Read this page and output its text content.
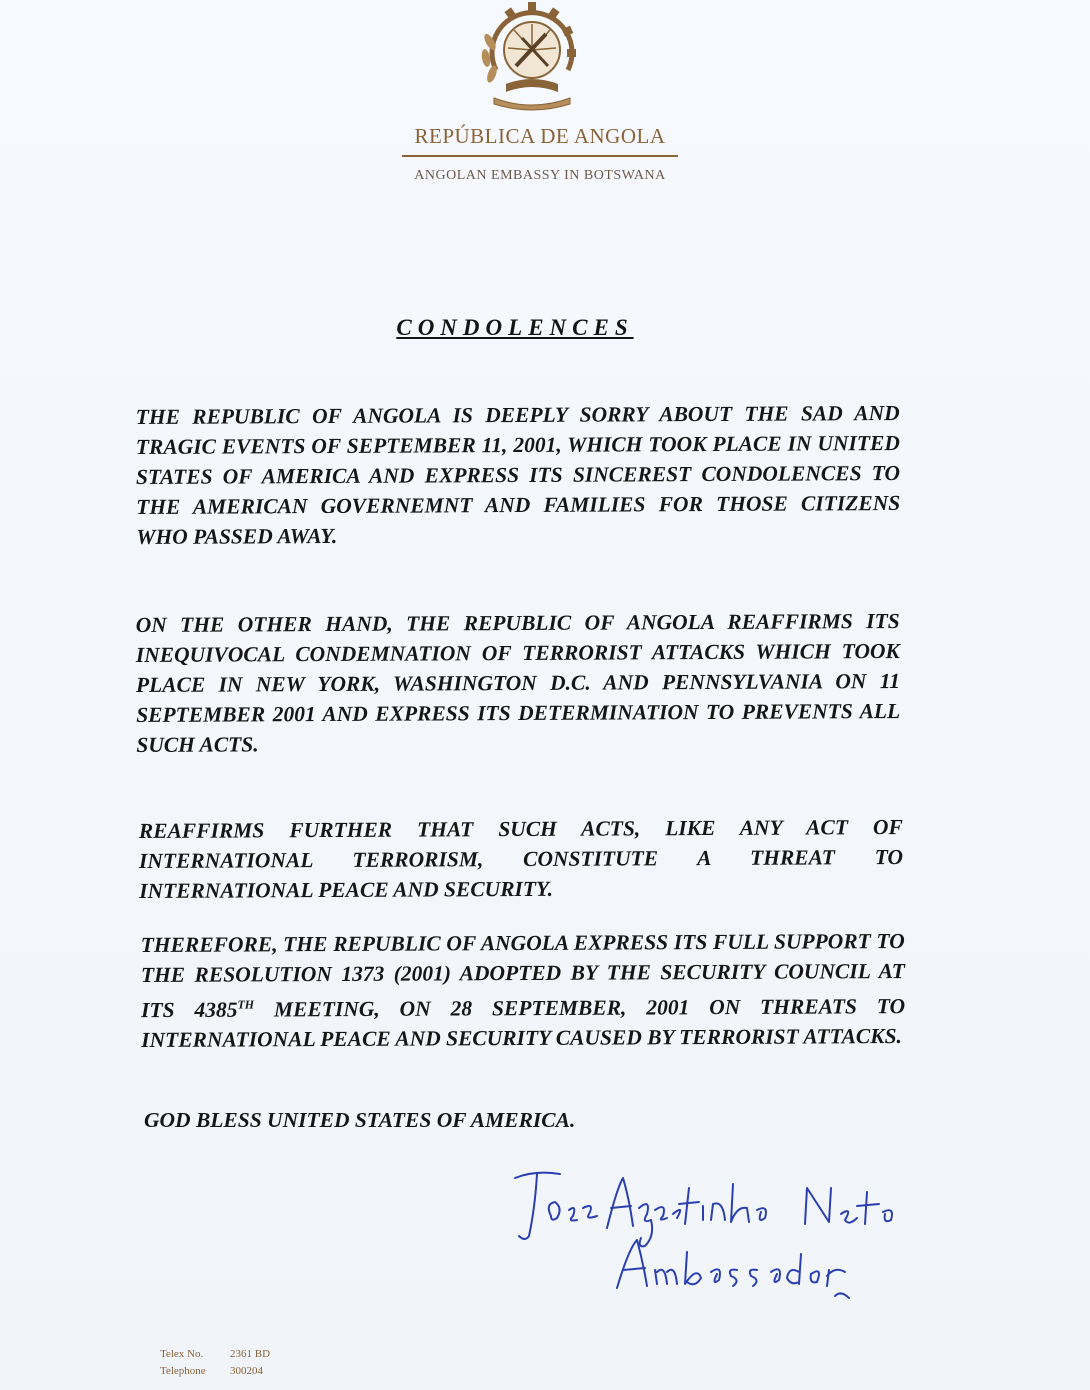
REPÚBLICA DE ANGOLA
ANGOLAN EMBASSY IN BOTSWANA
CONDOLENCES

THE REPUBLIC OF ANGOLA IS DEEPLY SORRY ABOUT THE SAD AND TRAGIC EVENTS OF SEPTEMBER 11, 2001, WHICH TOOK PLACE IN UNITED STATES OF AMERICA AND EXPRESS ITS SINCEREST CONDOLENCES TO THE AMERICAN GOVERNEMNT AND FAMILIES FOR THOSE CITIZENS WHO PASSED AWAY.

ON THE OTHER HAND, THE REPUBLIC OF ANGOLA REAFFIRMS ITS INEQUIVOCAL CONDEMNATION OF TERRORIST ATTACKS WHICH TOOK PLACE IN NEW YORK, WASHINGTON D.C. AND PENNSYLVANIA ON 11 SEPTEMBER 2001 AND EXPRESS ITS DETERMINATION TO PREVENTS ALL SUCH ACTS.

REAFFIRMS FURTHER THAT SUCH ACTS, LIKE ANY ACT OF INTERNATIONAL TERRORISM, CONSTITUTE A THREAT TO INTERNATIONAL PEACE AND SECURITY.

THEREFORE, THE REPUBLIC OF ANGOLA EXPRESS ITS FULL SUPPORT TO THE RESOLUTION 1373 (2001) ADOPTED BY THE SECURITY COUNCIL AT ITS 4385TH MEETING, ON 28 SEPTEMBER, 2001 ON THREATS TO INTERNATIONAL PEACE AND SECURITY CAUSED BY TERRORIST ATTACKS.

GOD BLESS UNITED STATES OF AMERICA.

Telex No. 2361 BD
Telephone 300204
